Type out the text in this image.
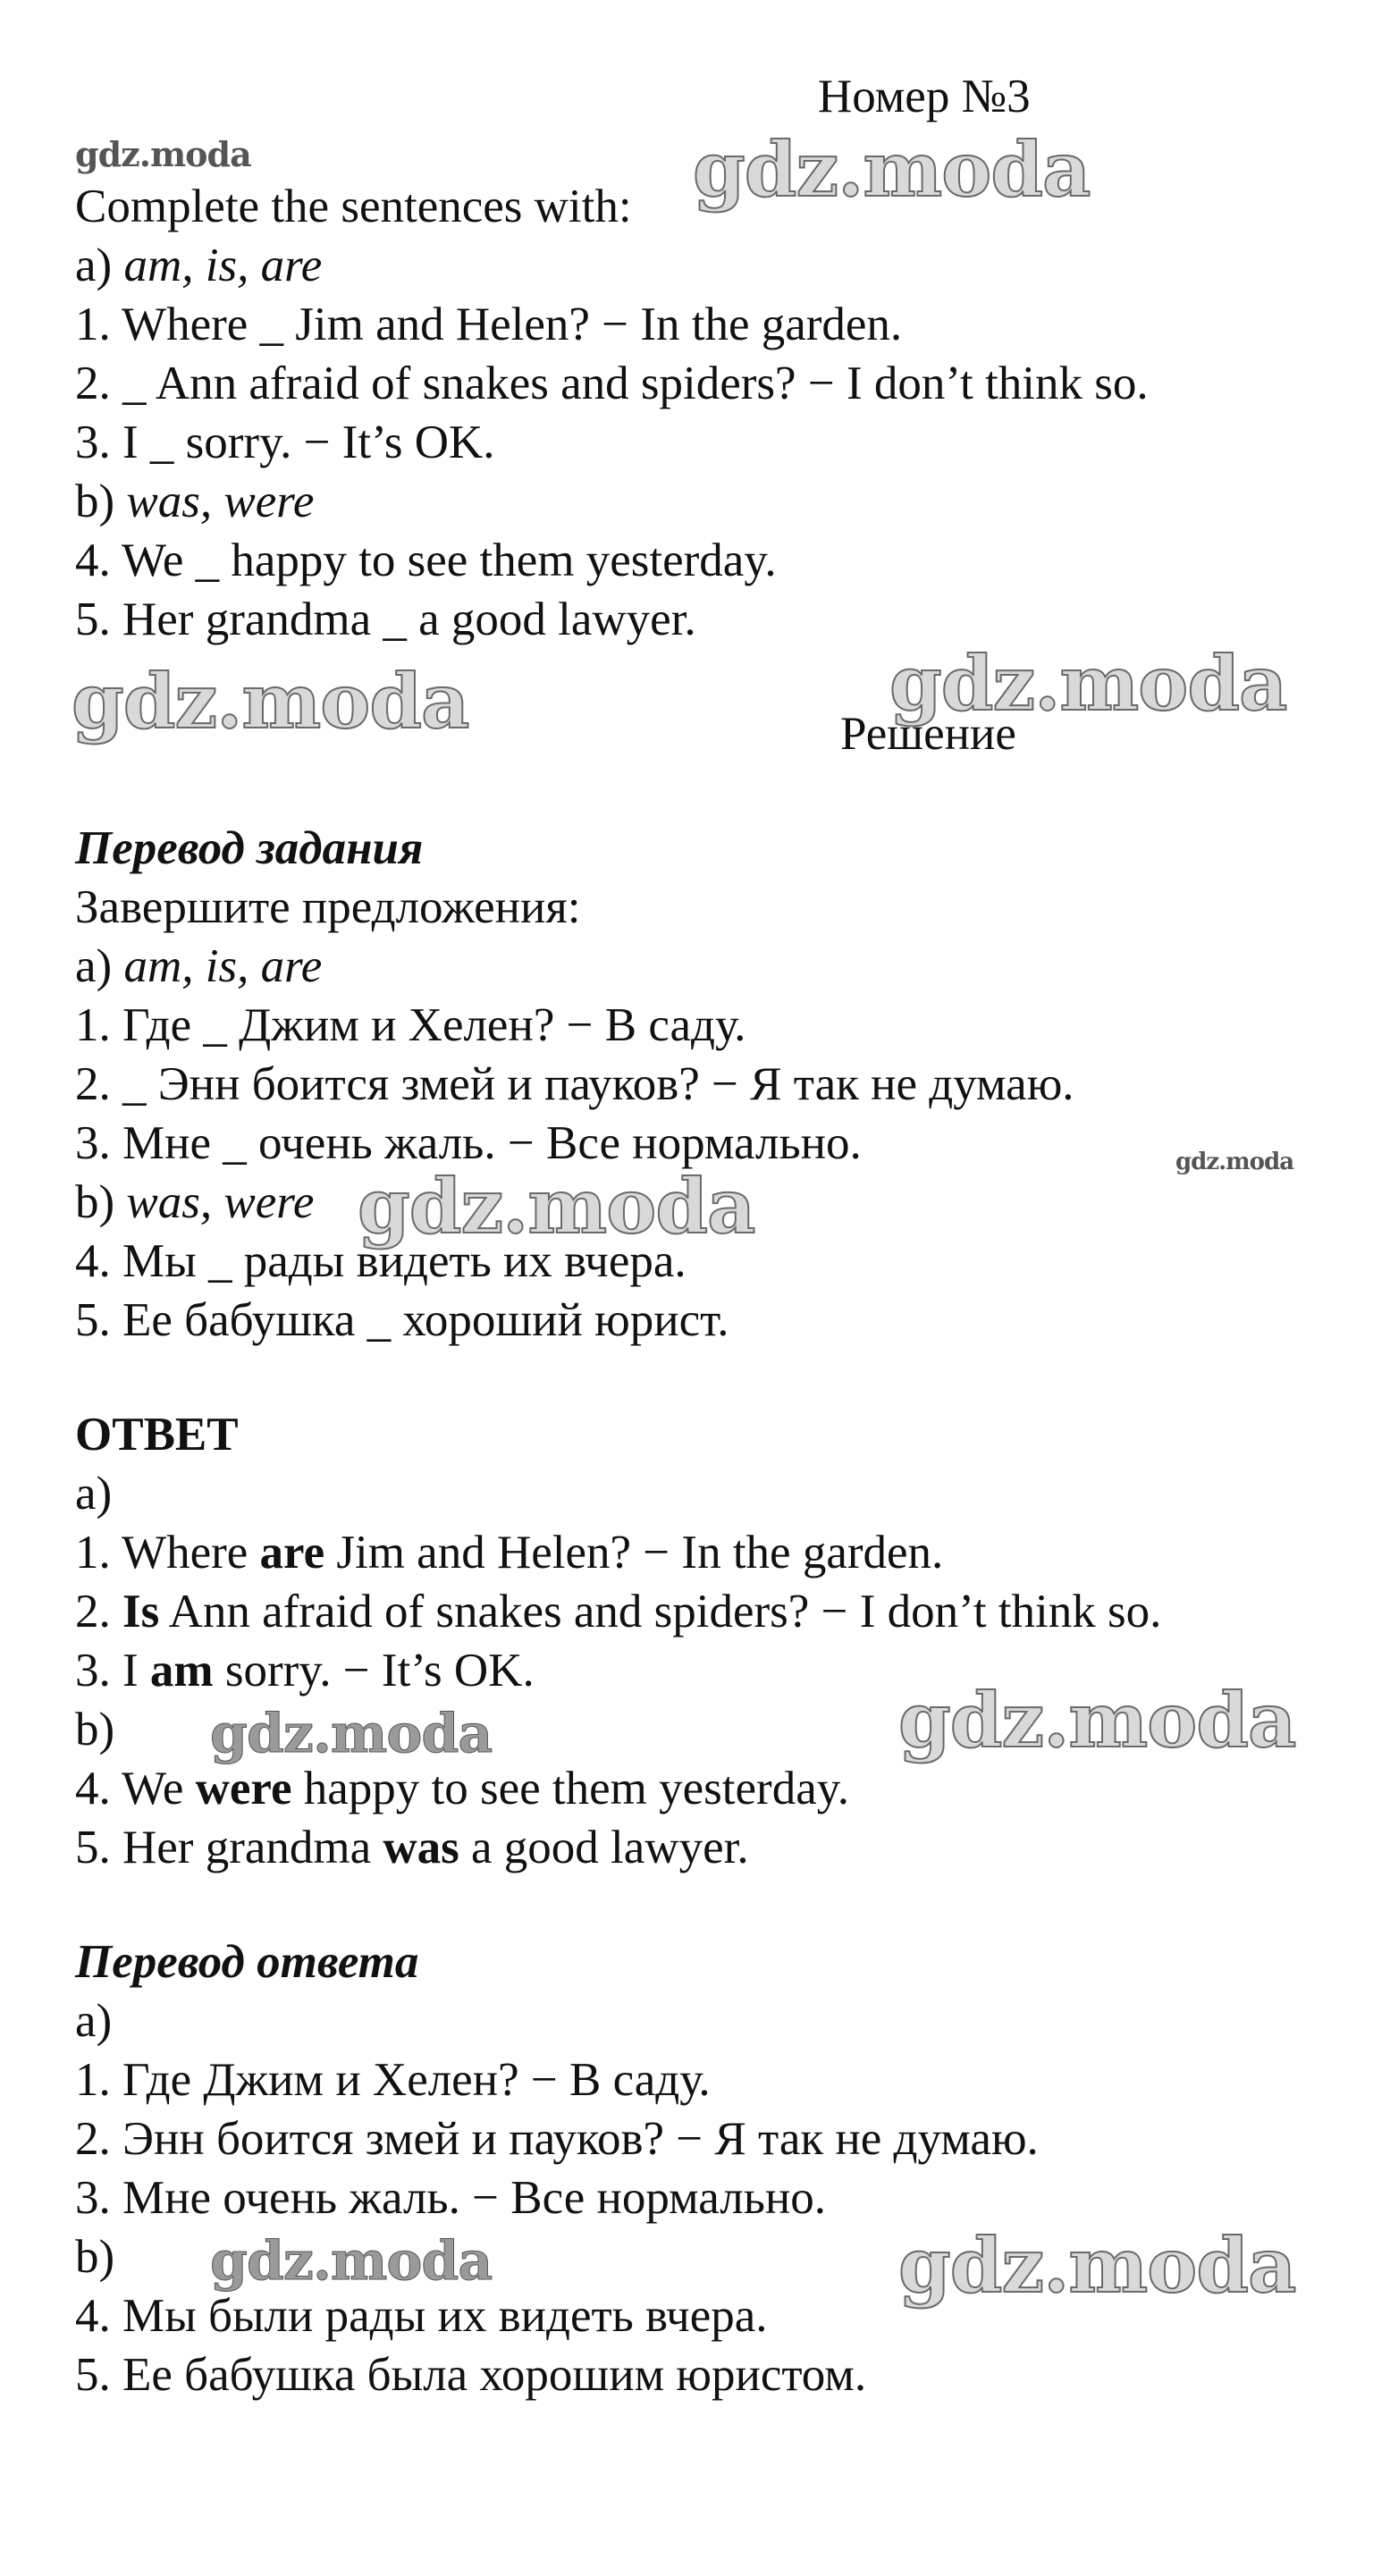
Номер №3
gdz.moda	gdz.moda
gdz.moda	gdz.moda
gdz.moda
gdz.moda
gdz.moda	gdz.moda
gdz.moda	gdz.moda
Complete the sentences with:
a) am, is, are
1. Where _ Jim and Helen? − In the garden.
2. _ Ann afraid of snakes and spiders? − I don’t think so.
3. I _ sorry. − It’s OK.
b) was, were
4. We _ happy to see them yesterday.
5. Her grandma _ a good lawyer.
Решение
Перевод задания
Завершите предложения:
a) am, is, are
1. Где _ Джим и Хелен? − В саду.
2. _ Энн боится змей и пауков? − Я так не думаю.
3. Мне _ очень жаль. − Все нормально.
b) was, were
4. Мы _ рады видеть их вчера.
5. Ее бабушка _ хороший юрист.
ОТВЕТ
a)
1. Where are Jim and Helen? − In the garden.
2. Is Ann afraid of snakes and spiders? − I don’t think so.
3. I am sorry. − It’s OK.
b)
4. We were happy to see them yesterday.
5. Her grandma was a good lawyer.
Перевод ответа
a)
1. Где Джим и Хелен? − В саду.
2. Энн боится змей и пауков? − Я так не думаю.
3. Мне очень жаль. − Все нормально.
b)
4. Мы были рады их видеть вчера.
5. Ее бабушка была хорошим юристом.
